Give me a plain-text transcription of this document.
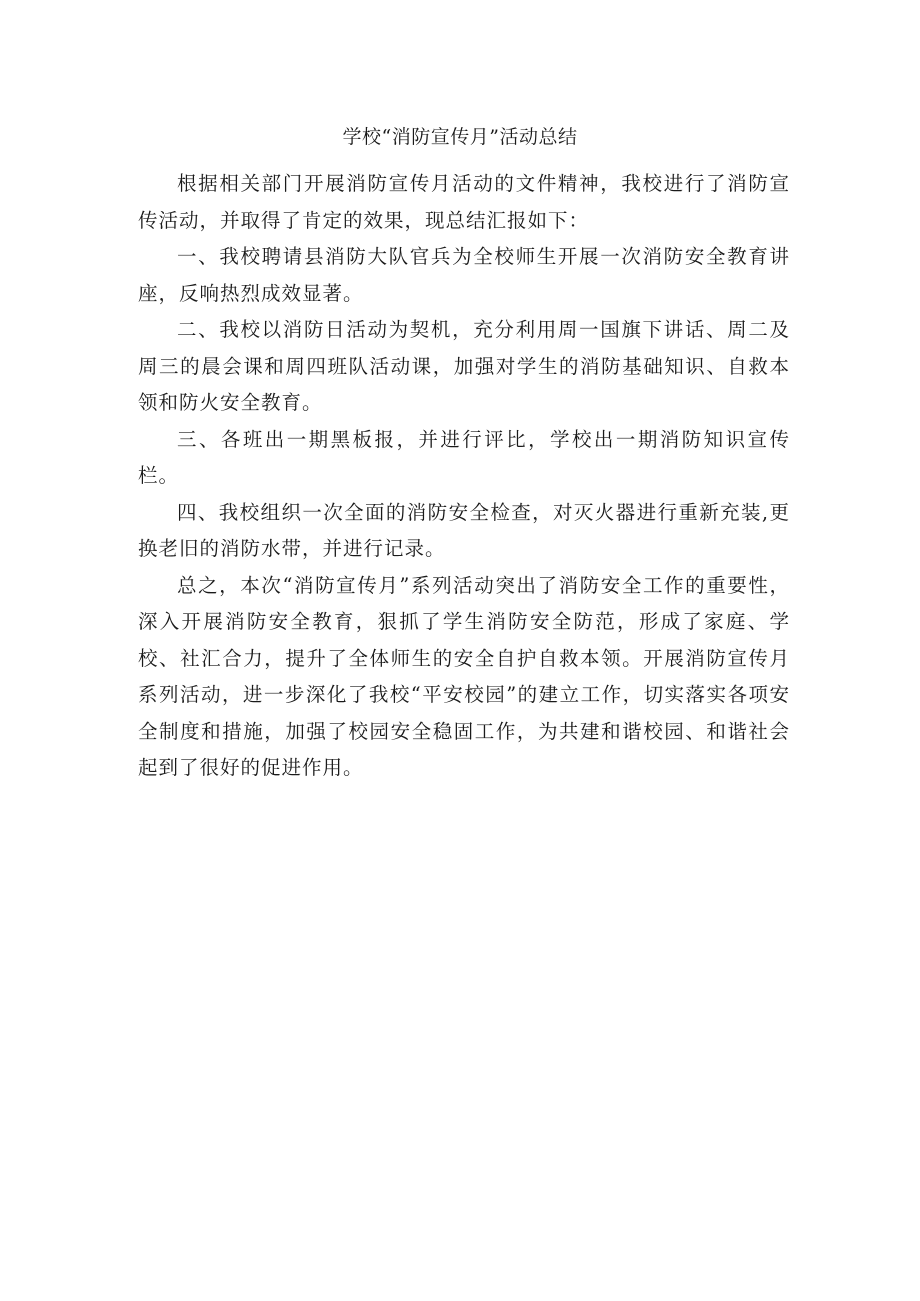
学校“消防宣传月”活动总结

根据相关部门开展消防宣传月活动的文件精神，我校进行了消防宣传活动，并取得了肯定的效果，现总结汇报如下：

一、我校聘请县消防大队官兵为全校师生开展一次消防安全教育讲座，反响热烈成效显著。

二、我校以消防日活动为契机，充分利用周一国旗下讲话、周二及周三的晨会课和周四班队活动课，加强对学生的消防基础知识、自救本领和防火安全教育。

三、各班出一期黑板报，并进行评比，学校出一期消防知识宣传栏。

四、我校组织一次全面的消防安全检查，对灭火器进行重新充装,更换老旧的消防水带，并进行记录。

总之，本次“消防宣传月”系列活动突出了消防安全工作的重要性，深入开展消防安全教育，狠抓了学生消防安全防范，形成了家庭、学校、社汇合力，提升了全体师生的安全自护自救本领。开展消防宣传月系列活动，进一步深化了我校“平安校园”的建立工作，切实落实各项安全制度和措施，加强了校园安全稳固工作，为共建和谐校园、和谐社会起到了很好的促进作用。
